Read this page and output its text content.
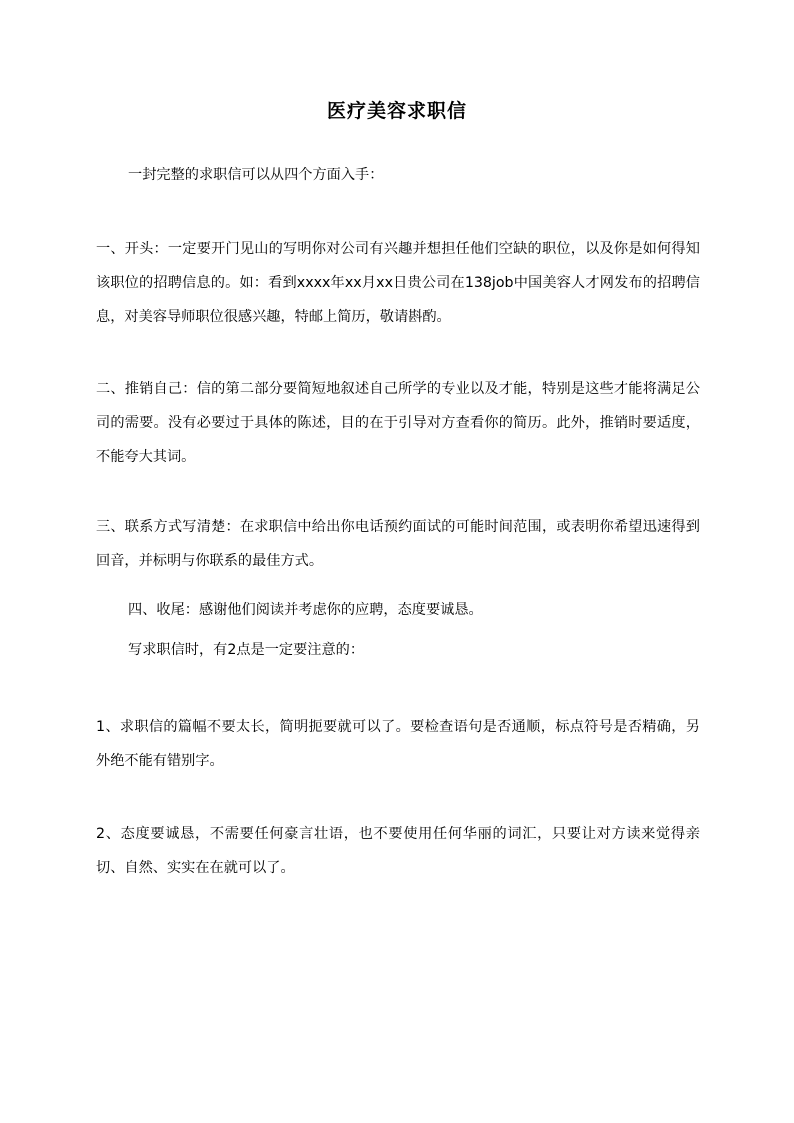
医疗美容求职信
一封完整的求职信可以从四个方面入手：
一、开头：一定要开门见山的写明你对公司有兴趣并想担任他们空缺的职位，以及你是如何得知该职位的招聘信息的。如：看到xxxx年xx月xx日贵公司在138job中国美容人才网发布的招聘信息，对美容导师职位很感兴趣，特邮上简历，敬请斟酌。
二、推销自己：信的第二部分要简短地叙述自己所学的专业以及才能，特别是这些才能将满足公司的需要。没有必要过于具体的陈述，目的在于引导对方查看你的简历。此外，推销时要适度，不能夸大其词。
三、联系方式写清楚：在求职信中给出你电话预约面试的可能时间范围，或表明你希望迅速得到回音，并标明与你联系的最佳方式。
四、收尾：感谢他们阅读并考虑你的应聘，态度要诚恳。
写求职信时，有2点是一定要注意的：
1、求职信的篇幅不要太长，简明扼要就可以了。要检查语句是否通顺，标点符号是否精确，另外绝不能有错别字。
2、态度要诚恳，不需要任何豪言壮语，也不要使用任何华丽的词汇，只要让对方读来觉得亲切、自然、实实在在就可以了。
